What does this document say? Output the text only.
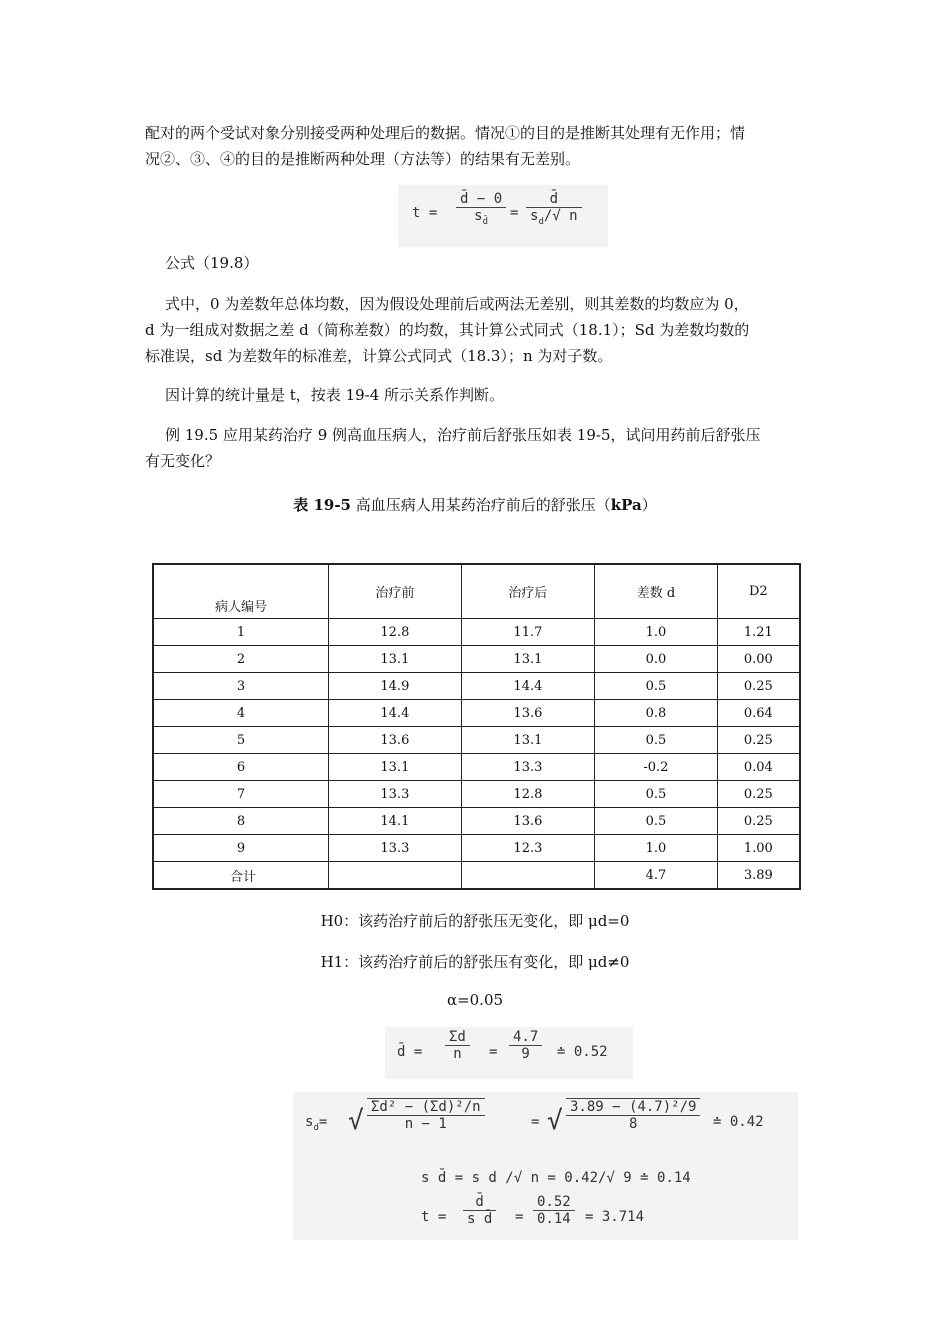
配对的两个受试对象分别接受两种处理后的数据。情况①的目的是推断其处理有无作用；情
况②、③、④的目的是推断两种处理（方法等）的结果有无差别。
$t = \frac{d̄ - 0}{s_{d̄}} = \frac{d̄}{s_d/√ n}$
公式（19.8）
式中，0 为差数年总体均数，因为假设处理前后或两法无差别，则其差数的均数应为 0，
d 为一组成对数据之差 d（简称差数）的均数，其计算公式同式（18.1）；Sd 为差数均数的
标准误，sd 为差数年的标准差，计算公式同式（18.3）；n 为对子数。
因计算的统计量是 t，按表 19-4 所示关系作判断。
例 19.5 应用某药治疗 9 例高血压病人，治疗前后舒张压如表 19-5，试问用药前后舒张压
有无变化？
表 19-5 高血压病人用某药治疗前后的舒张压（kPa）
病人编号	治疗前	治疗后	差数 d	D2
1	12.8	11.7	1.0	1.21
2	13.1	13.1	0.0	0.00
3	14.9	14.4	0.5	0.25
4	14.4	13.6	0.8	0.64
5	13.6	13.1	0.5	0.25
6	13.1	13.3	-0.2	0.04
7	13.3	12.8	0.5	0.25
8	14.1	13.6	0.5	0.25
9	13.3	12.3	1.0	1.00
合计			4.7	3.89
H0：该药治疗前后的舒张压无变化，即 μd=0
H1：该药治疗前后的舒张压有变化，即 μd≠0
α=0.05
d̄ = $\frac{\Sigma d}{n} = \frac{4.7}{9}$ ≐ 0.52
$s_d=$ √ $\frac{\text{Σd² − (Σd)²/n}}{n - 1}$	= √ $\frac{\text{3.89 − (4.7)²/9}}{8}$ ≐ 0.42
s d̄ = s d /√ n = 0.42/√ 9 ≐ 0.14
$t = \frac{d̄}{\text{s d̄}} = \frac{0.52}{0.14} = 3.714$
